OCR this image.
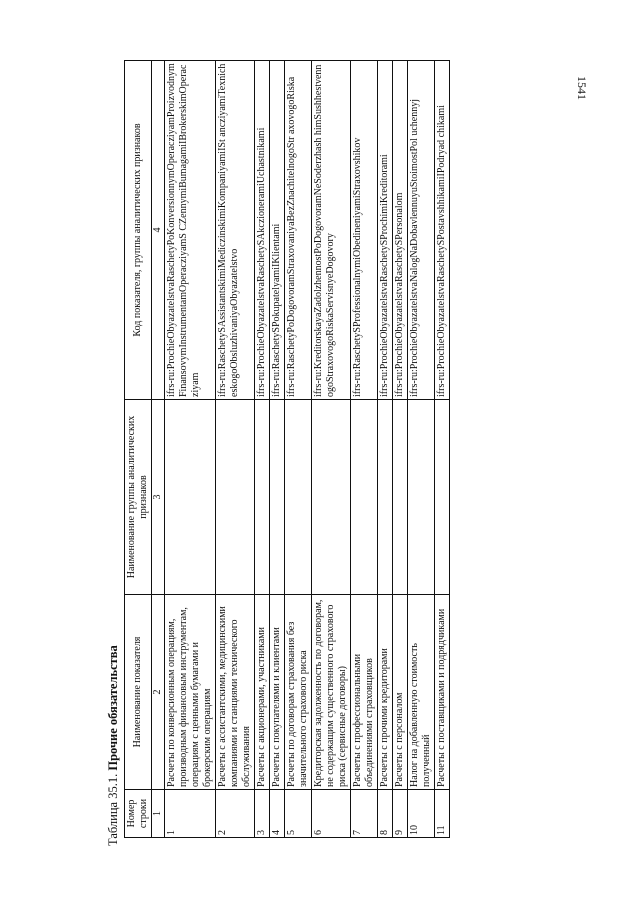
1541
Таблица 35.1. Прочие обязательства
Номер строки	Наименование показателя	Наименование группы аналитических признаков	Код показателя, группы аналитических признаков
1	2	3	4
1	Расчеты по конверсионным операциям, производным финансовым инструментам, операциям с ценными бумагами и брокерским операциям		ifrs-ru:ProchieObyazatelstvaRaschetyPoKonversionnymOperacziyamProizvodnymFinansovymInstrumentamOperacziyamS CZennymiBumagamiIBrokerskimOperacziyam
2	Расчеты с ассистантскими, медицинскими компаниями и станциями технического обслуживания		ifrs-ru:RaschetySAssistantskimiMediczinskimiKompaniyamiISt ancziyamiTexnicheskogoObsluzhivaniyaObyazatelstvo
3	Расчеты с акционерами, участниками		ifrs-ru:ProchieObyazatelstvaRaschetySAkczioneramiUchastnikami
4	Расчеты с покупателями и клиентами		ifrs-ru:RaschetySPokupatelyamiIKlientami
5	Расчеты по договорам страхования без значительного страхового риска		ifrs-ru:RaschetyPoDogovoramStraxovaniyaBezZnachitelnogoStr axovogoRiska
6	Кредиторская задолженность по договорам, не содержащим существенного страхового риска (сервисные договоры)		ifrs-ru:KreditorskayaZadolzhennostPoDogovoramNeSoderzhash himSushhestvennogoStraxovogoRiskaServisnyeDogovory
7	Расчеты с профессиональными объединениями страховщиков		ifrs-ru:RaschetySProfessionalnymiObedineniyamiStraxovshikov
8	Расчеты с прочими кредиторами		ifrs-ru:ProchieObyazatelstvaRaschetySProchimiKreditorami
9	Расчеты с персоналом		ifrs-ru:ProchieObyazatelstvaRaschetySPersonalom
10	Налог на добавленную стоимость полученный		ifrs-ru:ProchieObyazatelstvaNalogNaDobavlennuyuStoimostPol uchennyj
11	Расчеты с поставщиками и подрядчиками		ifrs-ru:ProchieObyazatelstvaRaschetySPostavshhikamiIPodryad chikami
